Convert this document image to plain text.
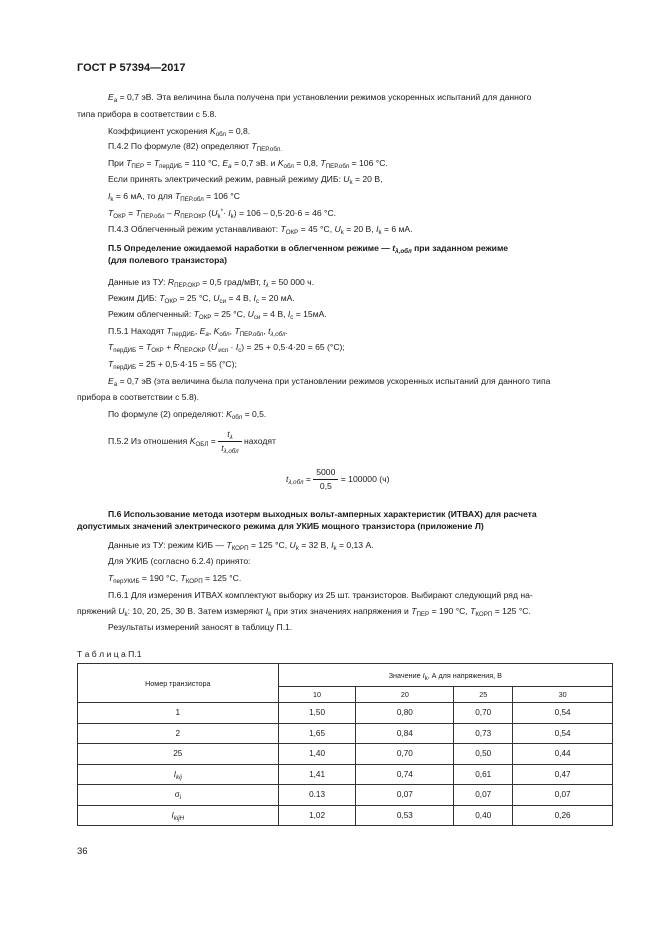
ГОСТ Р 57394—2017
$E_a = 0,7$ эВ. Эта величина была получена при установлении режимов ускоренных испытаний для данного
типа прибора в соответствии с 5.8.
Коэффициент ускорения $K_{обл} = 0,8$.
П.4.2 По формуле (82) определяют $T_{ПЕР.обл.}$
При $T_{ПЕР} = T_{перДИБ} = 110$ °С, $E_a = 0,7$ эВ. и $K_{обл} = 0,8$, $T_{ПЕР.обл} = 106$ °С.
Если принять электрический режим, равный режиму ДИБ: $U_k = 20$ В,
$I_k = 6$ мА, то для $T_{ПЕР.обл} = 106$ °С
$T_{ОКР} = T_{ПЕР.обл} - R_{ПЕР.ОКР}$ $(U_k^*\cdot I_k) = 106 - 0,5\cdot 20\cdot 6 = 46$ °С.
П.4.3 Облегченный режим устанавливают: $T_{ОКР} = 45$ °С, $U_k = 20$ В, $I_k = 6$ мА.
П.5 Определение ожидаемой наработки в облегченном режиме — $t_{\lambda,обл}$ при заданном режиме
(для полевого транзистора)
Данные из ТУ: $R_{ПЕР.ОКР} = 0,5$ град/мВт, $t_\lambda = 50$ 000 ч.
Режим ДИБ: $T_{ОКР} = 25$ °С, $U_{си} = 4$ В, $I_с = 20$ мА.
Режим облегченный: $T_{ОКР} = 25$ °С, $U_{си} = 4$ В, $I_с = 15мА$.
П.5.1 Находят $T_{перДИБ}$, $E_a$, $K_{обл}$, $T_{ПЕР.обл}$, $t_{\lambda,обл}$.
$T_{перДИБ} = T_{ОКР} + R_{ПЕР.ОКР}$ $(U'_{исп} \cdot I_с) = 25 + 0,5\cdot 4\cdot 20 = 65$ (°С);
$T_{перДИБ} = 25 + 0,5\cdot 4\cdot 15 = 55$ (°С);
$E_a = 0,7$ эВ (эта величина была получена при установлении режимов ускоренных испытаний для данного типа
прибора в соответствии с 5.8).
По формуле (2) определяют: $K_{обл} = 0,5$.
П.5.2 Из отношения $K_{ОБЛ} = \frac{t_\lambda}{t_{\lambda,обл}}$ находят
$t_{\lambda,обл} = \frac{5000}{0,5} = 100000$ (ч)
П.6 Использование метода изотерм выходных вольт-амперных характеристик (ИТВАХ) для расчета
допустимых значений электрического режима для УКИБ мощного транзистора (приложение Л)
Данные из ТУ: режим КИБ — $T_{КОРП} = 125$ °С, $U_k = 32$ В, $I_k = 0,13$ А.
Для УКИБ (согласно 6.2.4) принято:
$T_{перУКИБ} = 190$ °С, $T_{КОРП} = 125$ °С.
П.6.1 Для измерения ИТВАХ комплектуют выборку из 25 шт. транзисторов. Выбирают следующий ряд на-
пряжений $U_k$: 10, 20, 25, 30 В. Затем измеряют $I_k$ при этих значениях напряжения и $T_{ПЕР} = 190$ °С, $T_{КОРП} = 125$ °С.
Результаты измерений заносят в таблицу П.1.
Т а б л и ц а П.1
Номер транзистора	Значение $I_k$, А для напряжения, В			
	10	20	25	30
1	1,50	0,80	0,70	0,54
2	1,65	0,84	0,73	0,54
25	1,40	0,70	0,50	0,44
$I_{kij}$	1,41	0,74	0,61	0,47
$\sigma_i$	0.13	0,07	0,07	0,07
$I_{kijH}$	1,02	0,53	0,40	0,26
36
